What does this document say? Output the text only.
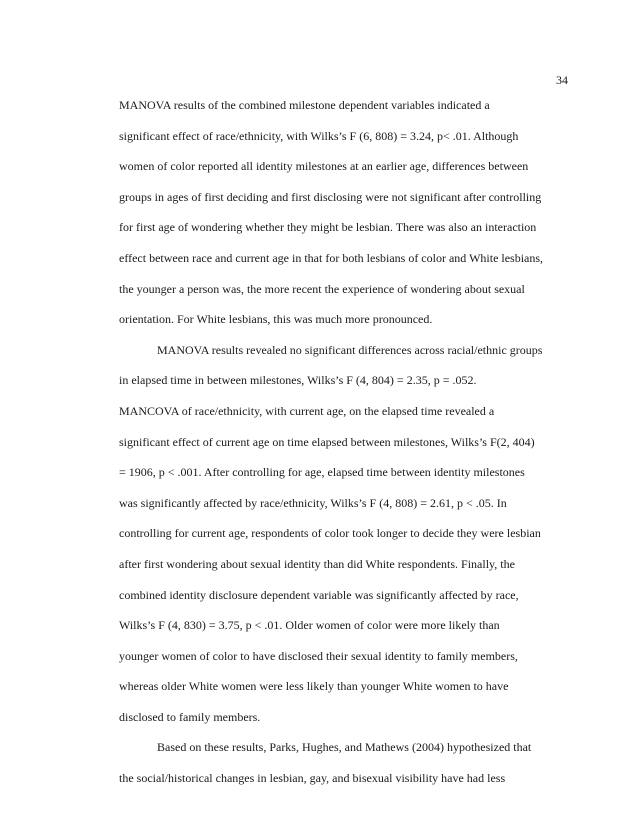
34
MANOVA results of the combined milestone dependent variables indicated a
significant effect of race/ethnicity, with Wilks’s F (6, 808) = 3.24, p< .01. Although
women of color reported all identity milestones at an earlier age, differences between
groups in ages of first deciding and first disclosing were not significant after controlling
for first age of wondering whether they might be lesbian. There was also an interaction
effect between race and current age in that for both lesbians of color and White lesbians,
the younger a person was, the more recent the experience of wondering about sexual
orientation. For White lesbians, this was much more pronounced.
MANOVA results revealed no significant differences across racial/ethnic groups
in elapsed time in between milestones, Wilks’s F (4, 804) = 2.35, p = .052.
MANCOVA of race/ethnicity, with current age, on the elapsed time revealed a
significant effect of current age on time elapsed between milestones, Wilks’s F(2, 404)
= 1906, p < .001. After controlling for age, elapsed time between identity milestones
was significantly affected by race/ethnicity, Wilks’s F (4, 808) = 2.61, p < .05. In
controlling for current age, respondents of color took longer to decide they were lesbian
after first wondering about sexual identity than did White respondents. Finally, the
combined identity disclosure dependent variable was significantly affected by race,
Wilks’s F (4, 830) = 3.75, p < .01. Older women of color were more likely than
younger women of color to have disclosed their sexual identity to family members,
whereas older White women were less likely than younger White women to have
disclosed to family members.
Based on these results, Parks, Hughes, and Mathews (2004) hypothesized that
the social/historical changes in lesbian, gay, and bisexual visibility have had less
